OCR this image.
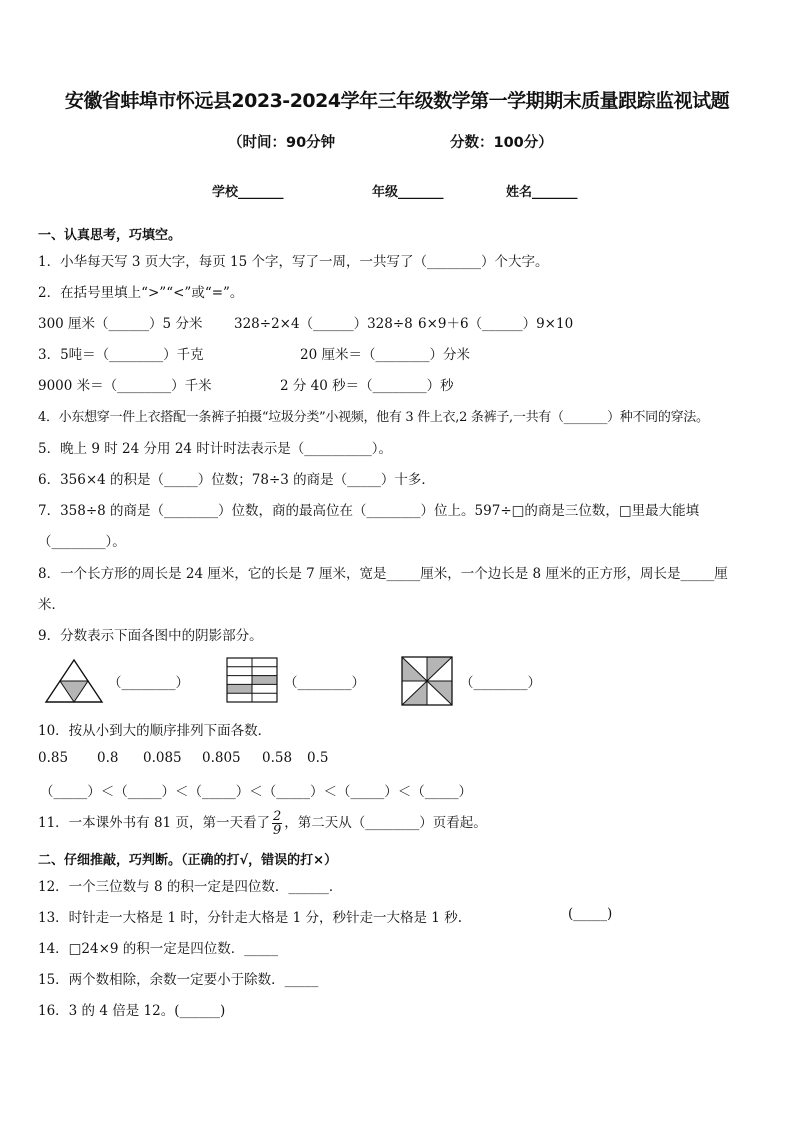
安徽省蚌埠市怀远县2023-2024学年三年级数学第一学期期末质量跟踪监视试题
（时间：90分钟	分数：100分）
学校_______	年级_______	姓名_______
一、认真思考，巧填空。
1．小华每天写 3 页大字，每页 15 个字，写了一周，一共写了（________）个大字。
2．在括号里填上“>”“<”或“=”。
300 厘米（______）5 分米 328÷2×4（______）328÷8 6×9＋6（______）9×10
3．5吨＝（________）千克	20 厘米＝（________）分米
9000 米＝（________）千米	2 分 40 秒＝（________）秒
4．小东想穿一件上衣搭配一条裤子拍摄“垃圾分类”小视频，他有 3 件上衣,2 条裤子,一共有（_______）种不同的穿法。
5．晚上 9 时 24 分用 24 时计时法表示是（__________）。
6．356×4 的积是（_____）位数；78÷3 的商是（_____）十多．
7．358÷8 的商是（________）位数，商的最高位在（________）位上。597÷□的商是三位数，□里最大能填
（________）。
8．一个长方形的周长是 24 厘米，它的长是 7 厘米，宽是_____厘米，一个边长是 8 厘米的正方形，周长是_____厘
米．
9．分数表示下面各图中的阴影部分。
（________）	（________）	（________）
10．按从小到大的顺序排列下面各数．
0.85 0.8 0.085 0.805 0.58 0.5
（_____）＜（_____）＜（_____）＜（_____）＜（_____）＜（_____）
11．一本课外书有 81 页，第一天看了 $\frac{2}{9}$ ，第二天从（________）页看起。
二、仔细推敲，巧判断。（正确的打√，错误的打×）
12．一个三位数与 8 的积一定是四位数．______．
13．时针走一大格是 1 时，分针走大格是 1 分，秒针走一大格是 1 秒.	(_____)
14．□24×9 的积一定是四位数．_____
15．两个数相除，余数一定要小于除数．_____
16．3 的 4 倍是 12。(______)
